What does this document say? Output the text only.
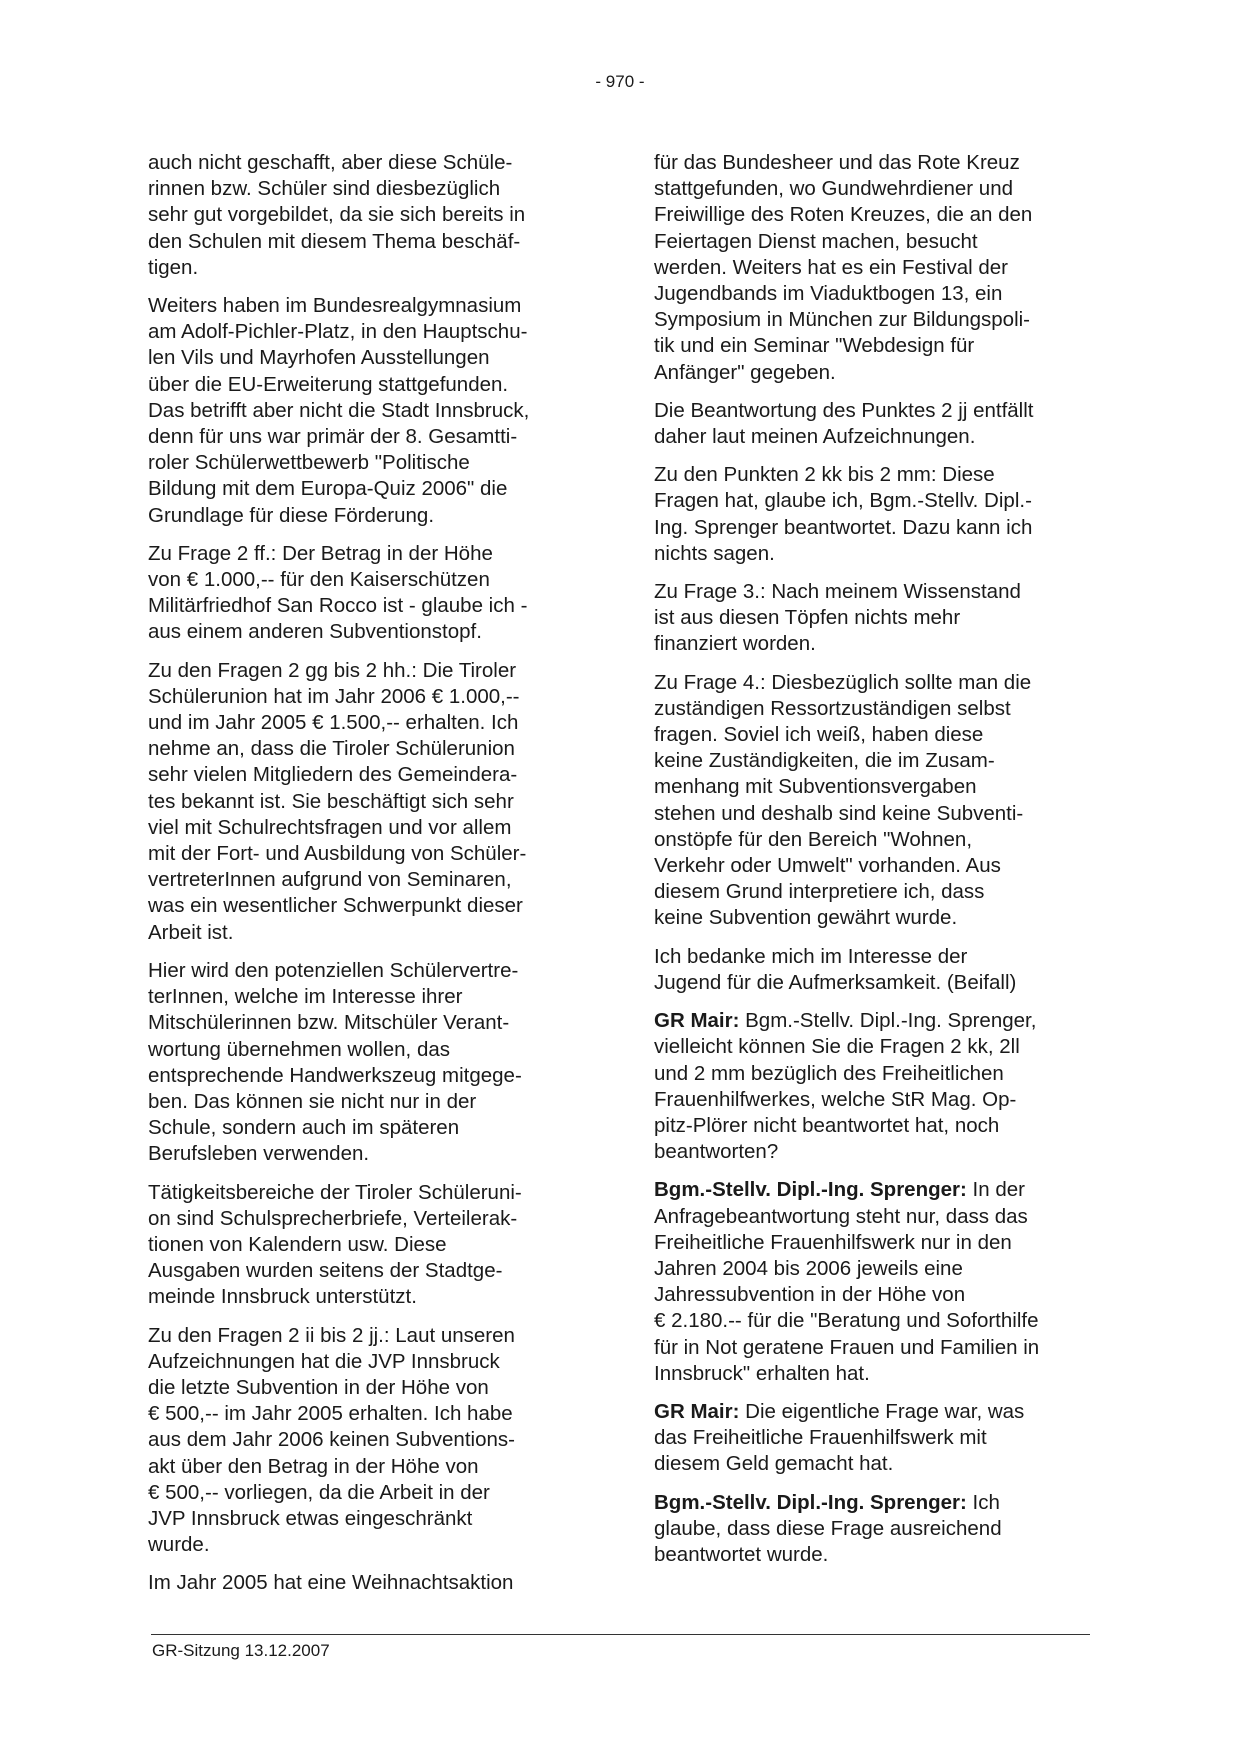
- 970 -

auch nicht geschafft, aber diese Schüle-
rinnen bzw. Schüler sind diesbezüglich
sehr gut vorgebildet, da sie sich bereits in
den Schulen mit diesem Thema beschäf-
tigen.

Weiters haben im Bundesrealgymnasium
am Adolf-Pichler-Platz, in den Hauptschu-
len Vils und Mayrhofen Ausstellungen
über die EU-Erweiterung stattgefunden.
Das betrifft aber nicht die Stadt Innsbruck,
denn für uns war primär der 8. Gesamtti-
roler Schülerwettbewerb "Politische
Bildung mit dem Europa-Quiz 2006" die
Grundlage für diese Förderung.

Zu Frage 2 ff.: Der Betrag in der Höhe
von € 1.000,-- für den Kaiserschützen
Militärfriedhof San Rocco ist - glaube ich -
aus einem anderen Subventionstopf.

Zu den Fragen 2 gg bis 2 hh.: Die Tiroler
Schülerunion hat im Jahr 2006 € 1.000,--
und im Jahr 2005 € 1.500,-- erhalten. Ich
nehme an, dass die Tiroler Schülerunion
sehr vielen Mitgliedern des Gemeindera-
tes bekannt ist. Sie beschäftigt sich sehr
viel mit Schulrechtsfragen und vor allem
mit der Fort- und Ausbildung von Schüler-
vertreterInnen aufgrund von Seminaren,
was ein wesentlicher Schwerpunkt dieser
Arbeit ist.

Hier wird den potenziellen Schülervertre-
terInnen, welche im Interesse ihrer
Mitschülerinnen bzw. Mitschüler Verant-
wortung übernehmen wollen, das
entsprechende Handwerkszeug mitgege-
ben. Das können sie nicht nur in der
Schule, sondern auch im späteren
Berufsleben verwenden.

Tätigkeitsbereiche der Tiroler Schüleruni-
on sind Schulsprecherbriefe, Verteilerak-
tionen von Kalendern usw. Diese
Ausgaben wurden seitens der Stadtge-
meinde Innsbruck unterstützt.

Zu den Fragen 2 ii bis 2 jj.: Laut unseren
Aufzeichnungen hat die JVP Innsbruck
die letzte Subvention in der Höhe von
€ 500,-- im Jahr 2005 erhalten. Ich habe
aus dem Jahr 2006 keinen Subventions-
akt über den Betrag in der Höhe von
€ 500,-- vorliegen, da die Arbeit in der
JVP Innsbruck etwas eingeschränkt
wurde.

Im Jahr 2005 hat eine Weihnachtsaktion

für das Bundesheer und das Rote Kreuz
stattgefunden, wo Gundwehrdiener und
Freiwillige des Roten Kreuzes, die an den
Feiertagen Dienst machen, besucht
werden. Weiters hat es ein Festival der
Jugendbands im Viaduktbogen 13, ein
Symposium in München zur Bildungspoli-
tik und ein Seminar "Webdesign für
Anfänger" gegeben.

Die Beantwortung des Punktes 2 jj entfällt
daher laut meinen Aufzeichnungen.

Zu den Punkten 2 kk bis 2 mm: Diese
Fragen hat, glaube ich, Bgm.-Stellv. Dipl.-
Ing. Sprenger beantwortet. Dazu kann ich
nichts sagen.

Zu Frage 3.: Nach meinem Wissenstand
ist aus diesen Töpfen nichts mehr
finanziert worden.

Zu Frage 4.: Diesbezüglich sollte man die
zuständigen Ressortzuständigen selbst
fragen. Soviel ich weiß, haben diese
keine Zuständigkeiten, die im Zusam-
menhang mit Subventionsvergaben
stehen und deshalb sind keine Subventi-
onstöpfe für den Bereich "Wohnen,
Verkehr oder Umwelt" vorhanden. Aus
diesem Grund interpretiere ich, dass
keine Subvention gewährt wurde.

Ich bedanke mich im Interesse der
Jugend für die Aufmerksamkeit. (Beifall)

GR Mair: Bgm.-Stellv. Dipl.-Ing. Sprenger,
vielleicht können Sie die Fragen 2 kk, 2ll
und 2 mm bezüglich des Freiheitlichen
Frauenhilfwerkes, welche StR Mag. Op-
pitz-Plörer nicht beantwortet hat, noch
beantworten?

Bgm.-Stellv. Dipl.-Ing. Sprenger: In der
Anfragebeantwortung steht nur, dass das
Freiheitliche Frauenhilfswerk nur in den
Jahren 2004 bis 2006 jeweils eine
Jahressubvention in der Höhe von
€ 2.180.-- für die "Beratung und Soforthilfe
für in Not geratene Frauen und Familien in
Innsbruck" erhalten hat.

GR Mair: Die eigentliche Frage war, was
das Freiheitliche Frauenhilfswerk mit
diesem Geld gemacht hat.

Bgm.-Stellv. Dipl.-Ing. Sprenger: Ich
glaube, dass diese Frage ausreichend
beantwortet wurde.

GR-Sitzung 13.12.2007
